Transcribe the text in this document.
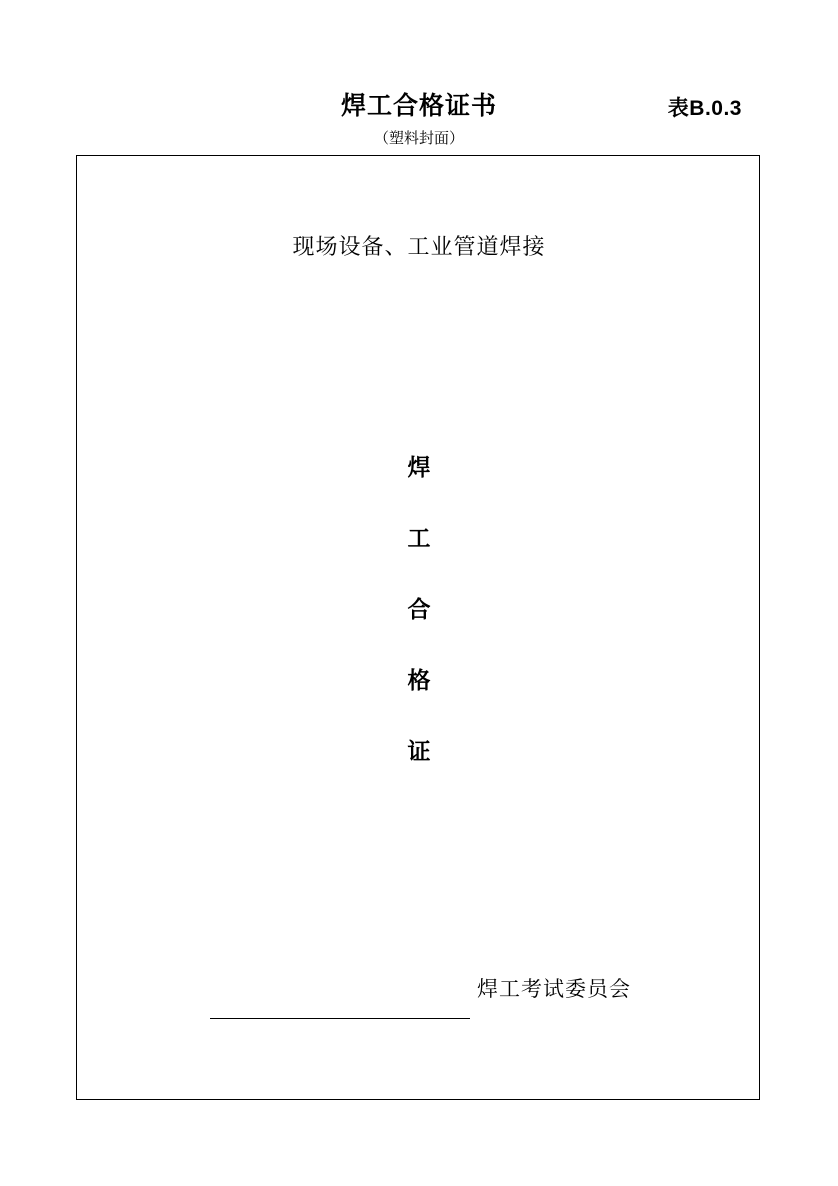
焊工合格证书	表B.0.3
（塑料封面）
现场设备、工业管道焊接
焊
工
合
格
证
焊工考试委员会
